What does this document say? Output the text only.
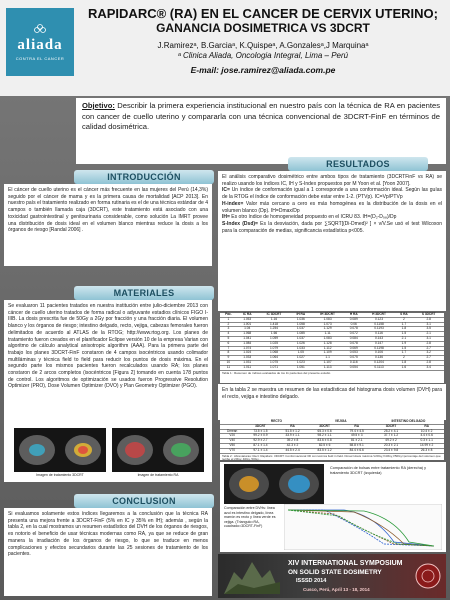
aliada
CONTRA EL CANCER
RAPIDARC® (RA) EN EL CANCER DE CERVIX UTERINO;
GANANCIA DOSIMETRICA VS 3DCRT
J.Ramirezᵃ, B.Garciaᵃ, K.Quispeᵃ, A.Gonzalesᵃ,J Marquinaᵃ
ᵃ Clinica Aliada, Oncologia Integral, Lima – Perú
E-mail: jose.ramirez@aliada.com.pe
Objetivo: Describir la primera experiencia institucional en nuestro país con la técnica de RA en pacientes con cancer de cuello uterino y compararla con una técnica convencional de 3DCRT-FinF en términos de calidad dosimétrica.
INTRODUCCIÓN
El cáncer de cuello uterino es el cáncer más frecuente en las mujeres del Perú (14,3%) seguido por el cáncer de mama y es la primera causa de mortalidad [ACP 2013]. En nuestro país el tratamiento realizado en forma rutinaria es el de una técnica estándar de 4 campos o también llamada caja (3DCRT), este tratamiento está asociado con una toxicidad gastrointestinal y genitourinaria considerable, como solución La IMRT provee una distribución de dosis ideal en el volumen blanco mientras reduce la dosis a los órganos de riesgo [Randal 2006] .
MATERIALES
Se evaluaron 11 pacientes tratados en nuestra institución entre julio-diciembre 2013 con cáncer de cuello uterino tratados de forma radical o adyuvante estadios clínicos FIGO I-IIIB. La dosis prescrita fue de 50Gy a 2Gy por fracción y una fracción diaria. El volumen blanco y los órganos de riesgo; intestino delgado, recto, vejiga, cabezas femorales fueron delimitados de acuerdo al ATLAS de la RTOG; http://www.rtog.org. Los planes de tratamiento fueron creados en el planificador Eclipse versión 10 de la empresa Varian con algoritmo de cálculo analytical anisotropic algorithm (AAA). Para la primera parte del trabajo los planes 3DCRT-FinF constaron de 4 campos isocéntricos usando colimador multiláminas y técnica field to field para reducir los puntos de dosis máxima. En el segundo parte los mismos pacientes fueron recalculados usando RA; los planes constaron de 2 arcos completos (isocéntricos [Figura 2] tomando en cuenta 178 puntos de control. Los algoritmos de optimización se usados fueron Progressive Resolution Optimizer (PRO), Dose Volumen Optimizer (DVO) y Plan Geometry Optimizer (PGO).
Imagen de tratamiento 3DCRT	Imagen de tratamiento RA
CONCLUSION
Si evaluamos solamente estos índices llegaremos a la conclusión que la técnica RA presenta una mejora frente a 3DCRT-FinF (5% en IC y 35% en IH); además , según la tabla 2, en la cual mostramos un resumen estadístico del DVH de los órganos de riesgos, es notorio el beneficio de usar técnicas modernas como RA, ya que se reduce de gran manera la irradiación de los órganos de riesgo, lo que se traduce en menos complicaciones y efectos secundarios durante las 25 sesiones de tratamiento de los pacientes.
RESULTADOS
El análisis comparativo dosimétrico entre ambos tipos de tratamiento (3DCRTFinF vs RA) se realizo usando los índices IC, IH y S-Index propuestos por M Yoon et al. [Yoon 2007].
IC= Un índice de conformación igual a 1 corresponde a una conformación ideal. Según las guías de la RTOG el índice de conformación debe estar entre 1-2. (PTVp). IC=Vp/PTVp
H-index= Valor más cercano a cero es más homogénea es la distribución de la dosis en el volumen blanco (Dp). IH=Dmax/Dp
IH= Es otro índice de homogeneidad propuesto en el ICRU 83. IH=(D₂-D₉₈)/Dp
S-Index (Dsd)= Es la desviación, dada por ∑SQRT[(Di-Dmed)² ] × v/V.Se usó el test Wilcoxon para la comparación de medias, significancia estadística p<005.
Pac.	IC RA	IC 3DCRT	IH RA	IH 3DCRT	H RA	H 3DCRT	S RA	S 3DCRT
1	1.053	1.16	1.036	1.083	0.089	0.123	2	2.8
2	1.001	1.418	1.058	1.073	0.06	0.1158	1.7	3.1
3	1.04	1.254	1.037	1.129	0.078	0.1193	1.8	3.5
4	1.068	1.66	1.085	1.11	0.072	0.116	1.5	2.1
5	1.041	1.059	1.037	1.083	0.084	0.143	2.1	3.1
6	1.084	1.025	1.026	1.128	0.078	0.147	1.9	2.8
7	1.074	1.079	1.033	1.112	0.069	0.1198	1.5	2.7
8	1.024	1.068	1.05	1.109	0.053	0.106	1.7	3.2
9	1.033	1.064	1.027	1.1	0.075	0.136	2	2.7
10	1.031	1.075	1.023	1.107	0.116	0.1204	1.8	2.8
11	1.011	1.071	1.051	1.113	0.054	0.1113	1.6	3.4
Tabla 1 : Resumen de índices evaluados de los 11 pacientes del presente estudio
En la tabla 2 se muestra un resumen de las estadísticas del histograma dosis volumen (DVH) para el recto, vejiga e intestino delgado.
	RECTO		VEJIGA		INTESTINO DELGADO	
	3DCRT	RA	3DCRT	RA	3DCRT	RA
Dmean	73.5 ± 1.5	51.5 ± 1.2	65.3 ± 0.6	79.4 ± 4.5	25.2 ± 4.1	10.4 ± 2
V20	99.2 ± 0.9	33.9 ± 1.1	98.2 ± 1.1	49.5 ± 3	37.7 ± 1.2	4.4 ± 0.6
V40	92.9 ± 2.7	39.2 ± 8	83.6 ± 0.8	81 ± 2.1	49.2 ± 2	0.3 ± 1.1
V50	87.1 ± 1.4	42.3 ± 2	82.5 ± 6	58.8 ± 9.1	20.3 ± 2.1	14.99 ± 2
V70	97.1 ± 1.4	44.5 ± 2.4	83.5 ± 1.2	84.4 ± 6.6	23.4 ± 9.8	26.3 ± 8
Tabla 2 : Abreviaturas: Rect: Rapidarc. 3DCRT: Conformacional 3D con técnica field in field. Dmax=dosis máxima V20Gy,V40Gy,V50Gy=porcentaje del volumen que recibe el 20Gy, 40Gy, 50Gy...
Comparación de bolsas entre tratamiento RA (derecha) y tratamiento 3DCRT (izquierda)
Comparación entre DVHs: línea azul es intestino delgado, línea marrón es recto y línea verde es vejiga. (Triangulo=RA, cuadrado=3DCRT-FinF)
XIV INTERNATIONAL SYMPOSIUM
ON SOLID STATE DOSIMETRY
ISSSD 2014
Cusco, Perú, April 13 - 18, 2014
